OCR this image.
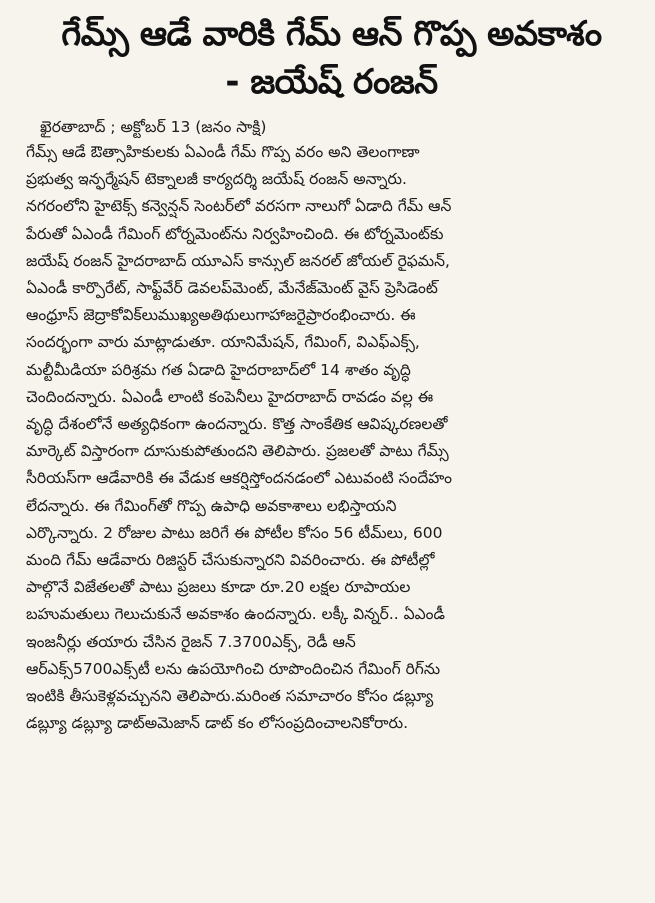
గేమ్స్ ఆడే వారికి గేమ్ ఆన్ గొప్ప అవకాశం
- జయేష్ రంజన్
ఖైరతాబాద్ ; అక్టోబర్ 13 (జనం సాక్షి)
గేమ్స్ ఆడే ఔత్సాహికులకు ఏఎండీ గేమ్ గొప్ప వరం అని తెలంగాణా
ప్రభుత్వ ఇన్ఫర్మేషన్ టెక్నాలజీ కార్యదర్శి జయేష్ రంజన్ అన్నారు.
నగరంలోని హైటెక్స్ కన్వెన్షన్ సెంటర్‌లో వరసగా నాలుగో ఏడాది గేమ్ ఆన్
పేరుతో ఏఎండీ గేమింగ్ టోర్నమెంట్‌ను నిర్వహించింది. ఈ టోర్నమెంట్‌కు
జయేష్ రంజన్ హైదరాబాద్ యూఎస్ కాన్సుల్ జనరల్ జోయల్ రైఫమన్,
ఏఎండీ కార్పొరేట్, సాఫ్ట్‌వేర్ డెవలప్‌మెంట్, మేనేజ్‌మెంట్ వైస్ ప్రెసిడెంట్
ఆంధ్రూస్ జెద్రాకోవిక్‌లుముఖ్యఅతిథులుగాహాజరైప్రారంభించారు. ఈ
సందర్భంగా వారు మాట్లాడుతూ. యానిమేషన్, గేమింగ్, విఎఫ్ఎక్స్,
మల్టీమీడియా పరిశ్రమ గత ఏడాది హైదరాబాద్‌లో 14 శాతం వృద్ధి
చెందిందన్నారు. ఏఎండీ లాంటి కంపెనీలు హైదరాబాద్ రావడం వల్ల ఈ
వృద్ధి దేశంలోనే అత్యధికంగా ఉందన్నారు. కొత్త సాంకేతిక ఆవిష్కరణలతో
మార్కెట్ విస్తారంగా దూసుకుపోతుందని తెలిపారు. ప్రజలతో పాటు గేమ్స్
సీరియస్‌గా ఆడేవారికి ఈ వేడుక ఆకర్షిస్తోందనడంలో ఎటువంటి సందేహం
లేదన్నారు. ఈ గేమింగ్‌తో గొప్ప ఉపాధి అవకాశాలు లభిస్తాయని
ఎర్కొన్నారు. 2 రోజుల పాటు జరిగే ఈ పోటీల కోసం 56 టీమ్‌లు, 600
మంది గేమ్ ఆడేవారు రిజిస్టర్ చేసుకున్నారని వివరించారు. ఈ పోటీల్లో
పాల్గొనే విజేతలతో పాటు ప్రజలు కూడా రూ.20 లక్షల రూపాయల
బహుమతులు గెలుచుకునే అవకాశం ఉందన్నారు. లక్కీ విన్నర్.. ఏఎండీ
ఇంజనీర్లు తయారు చేసిన రైజన్ 7.3700ఎక్స్, రెడీ ఆన్
ఆర్ఎక్స్5700ఎక్స్‌టీ లను ఉపయోగించి రూపొందించిన గేమింగ్ రిగ్‌ను
ఇంటికి తీసుకెళ్లవచ్చునని తెలిపారు.మరింత సమాచారం కోసం డబ్ల్యూ
డబ్ల్యూ డబ్ల్యూ డాట్అమెజాన్ డాట్ కం లోసంప్రదించాలనికోరారు.
